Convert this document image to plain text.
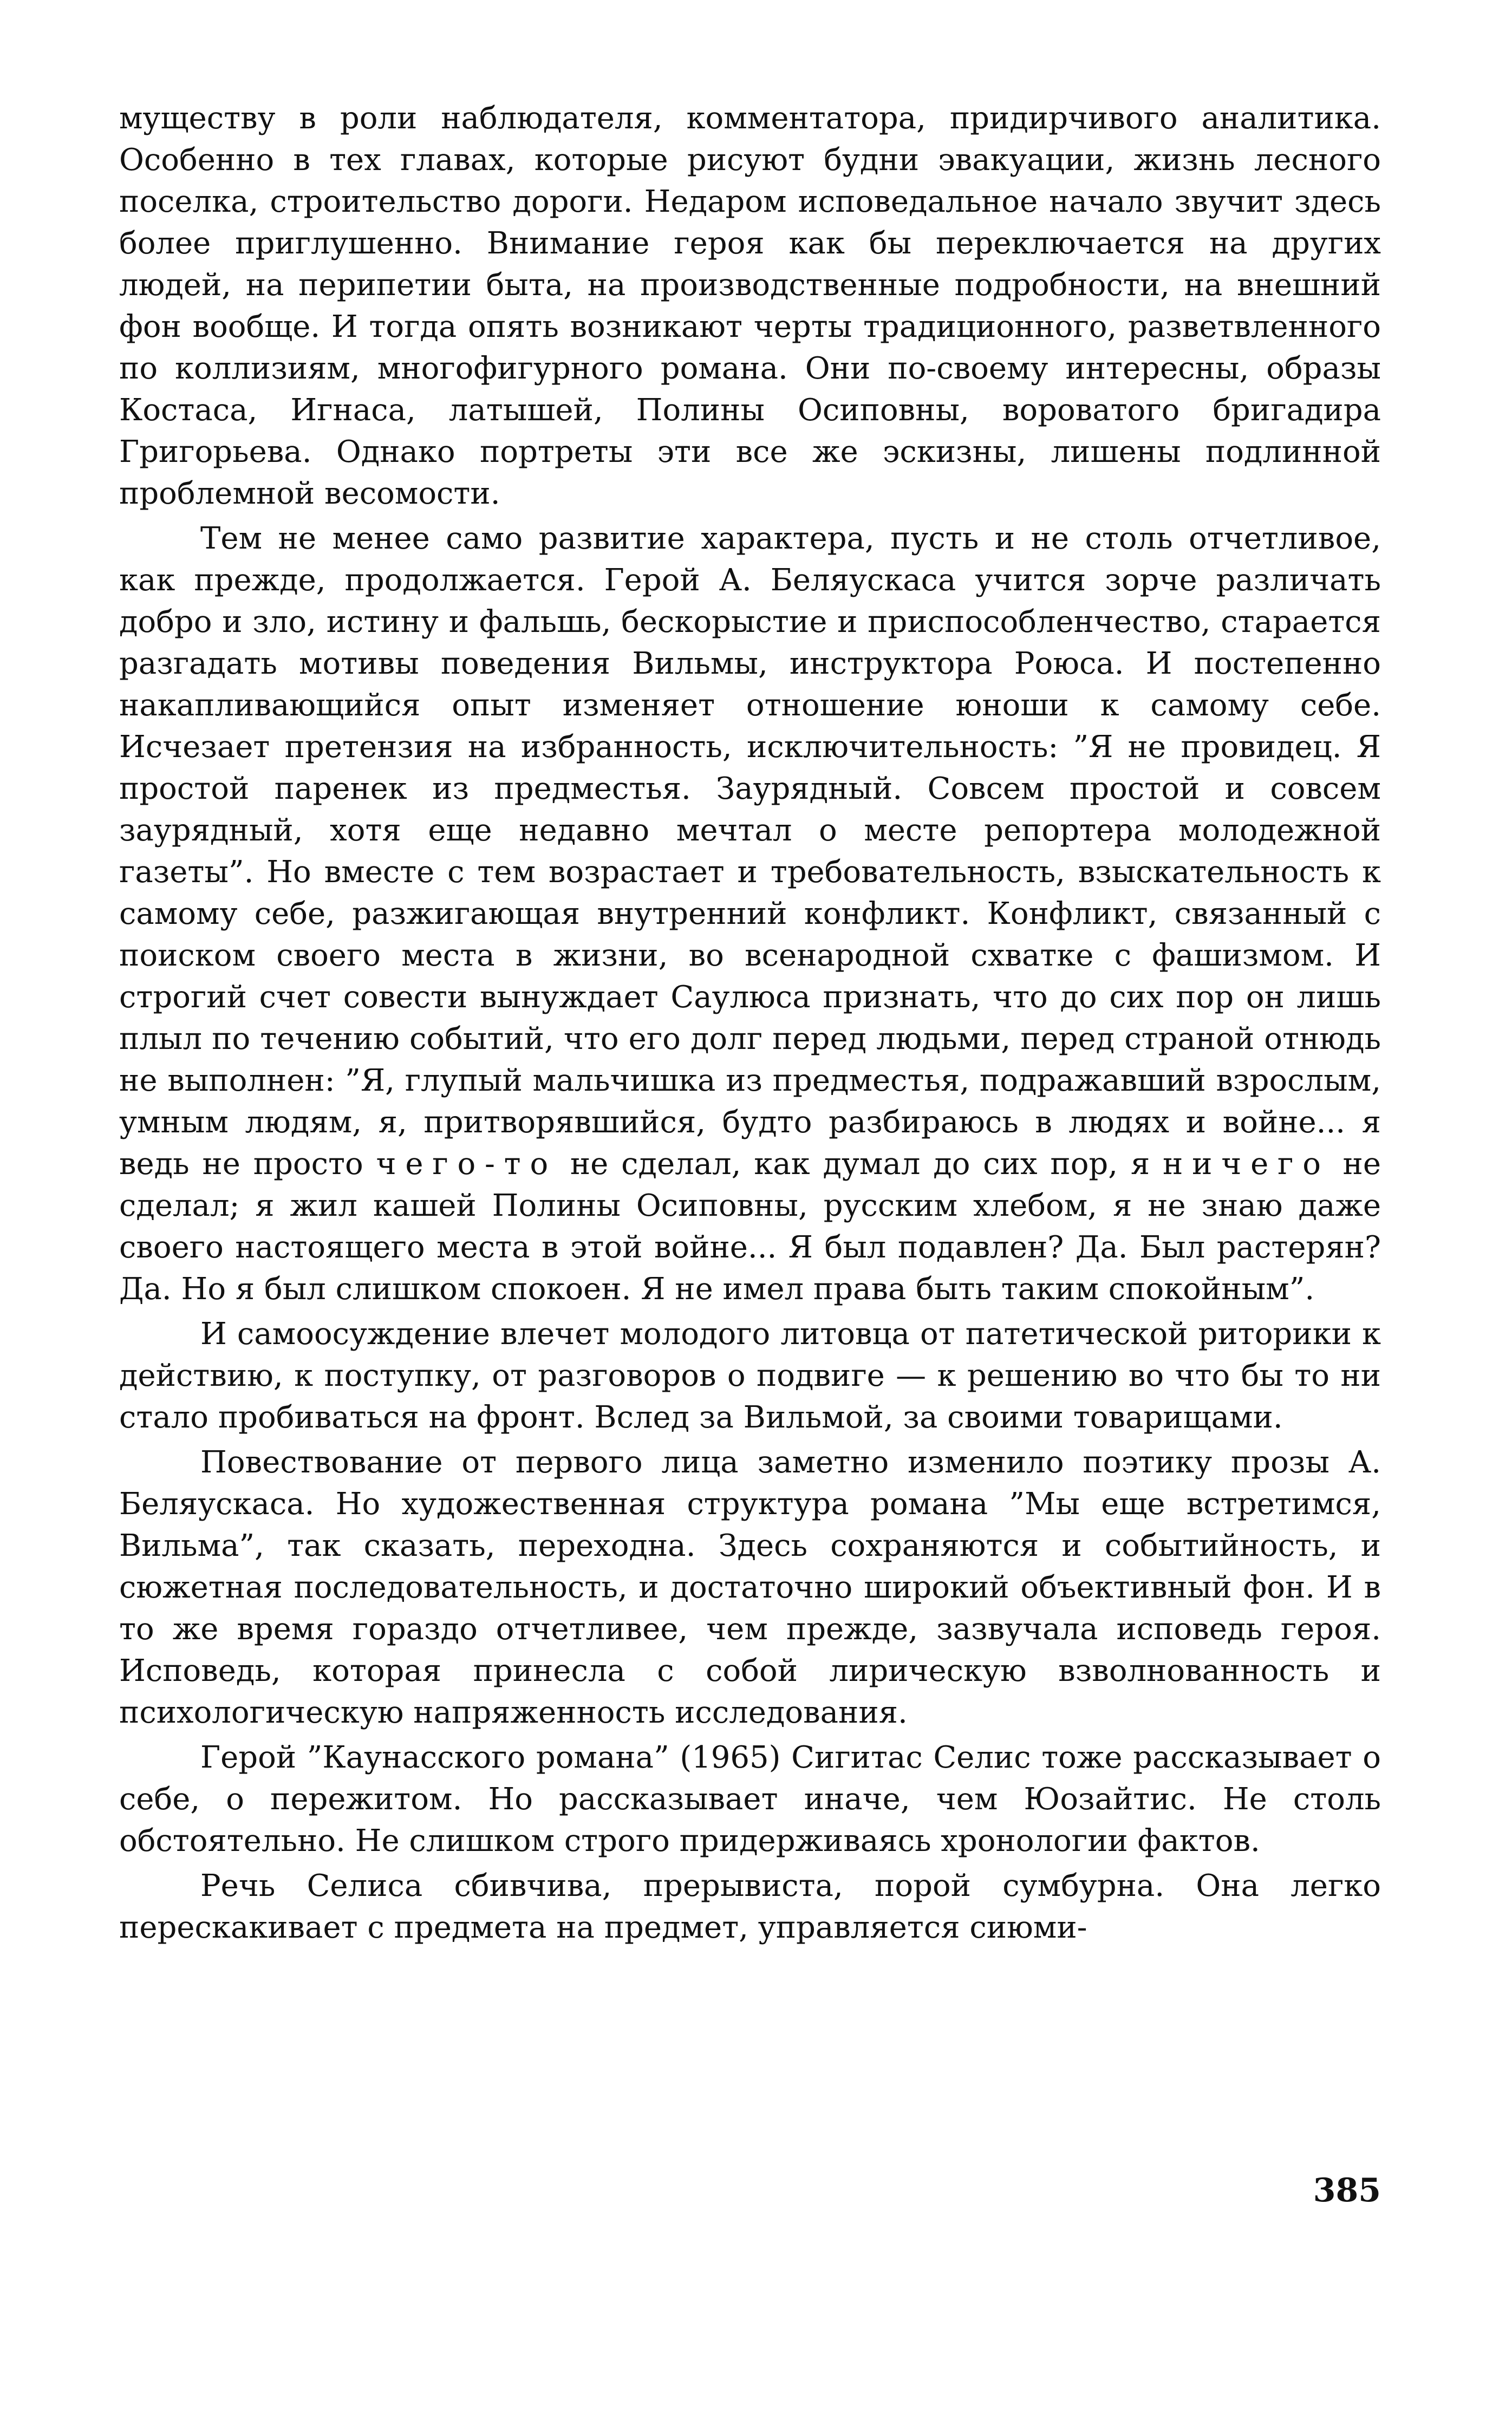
муществу в роли наблюдателя, комментатора, придирчивого аналитика. Особенно в тех главах, которые рисуют будни эвакуации, жизнь лесного поселка, строительство дороги. Недаром исповедальное начало звучит здесь более приглушенно. Внимание героя как бы переключается на других людей, на перипетии быта, на производственные подробности, на внешний фон вообще. И тогда опять возникают черты традиционного, разветвленного по коллизиям, многофигурного романа. Они по-своему интересны, образы Костаса, Игнаса, латышей, Полины Осиповны, вороватого бригадира Григорьева. Однако портреты эти все же эскизны, лишены подлинной проблемной весомости.

Тем не менее само развитие характера, пусть и не столь отчетливое, как прежде, продолжается. Герой А. Беляускаса учится зорче различать добро и зло, истину и фальшь, бескорыстие и приспособленчество, старается разгадать мотивы поведения Вильмы, инструктора Роюса. И постепенно накапливающийся опыт изменяет отношение юноши к самому себе. Исчезает претензия на избранность, исключительность: ”Я не провидец. Я простой паренек из предместья. Заурядный. Совсем простой и совсем заурядный, хотя еще недавно мечтал о месте репортера молодежной газеты”. Но вместе с тем возрастает и требовательность, взыскательность к самому себе, разжигающая внутренний конфликт. Конфликт, связанный с поиском своего места в жизни, во всенародной схватке с фашизмом. И строгий счет совести вынуждает Саулюса признать, что до сих пор он лишь плыл по течению событий, что его долг перед людьми, перед страной отнюдь не выполнен: ”Я, глупый мальчишка из предместья, подражавший взрослым, умным людям, я, притворявшийся, будто разбираюсь в людях и войне... я ведь не просто чего-то не сделал, как думал до сих пор, я ничего не сделал; я жил кашей Полины Осиповны, русским хлебом, я не знаю даже своего настоящего места в этой войне... Я был подавлен? Да. Был растерян? Да. Но я был слишком спокоен. Я не имел права быть таким спокойным”.

И самоосуждение влечет молодого литовца от патетической риторики к действию, к поступку, от разговоров о подвиге — к решению во что бы то ни стало пробиваться на фронт. Вслед за Вильмой, за своими товарищами.

Повествование от первого лица заметно изменило поэтику прозы А. Беляускаса. Но художественная структура романа ”Мы еще встретимся, Вильма”, так сказать, переходна. Здесь сохраняются и событийность, и сюжетная последовательность, и достаточно широкий объективный фон. И в то же время гораздо отчетливее, чем прежде, зазвучала исповедь героя. Исповедь, которая принесла с собой лирическую взволнованность и психологическую напряженность исследования.

Герой ”Каунасского романа” (1965) Сигитас Селис тоже рассказывает о себе, о пережитом. Но рассказывает иначе, чем Юозайтис. Не столь обстоятельно. Не слишком строго придерживаясь хронологии фактов.

Речь Селиса сбивчива, прерывиста, порой сумбурна. Она легко перескакивает с предмета на предмет, управляется сиюми-

385
